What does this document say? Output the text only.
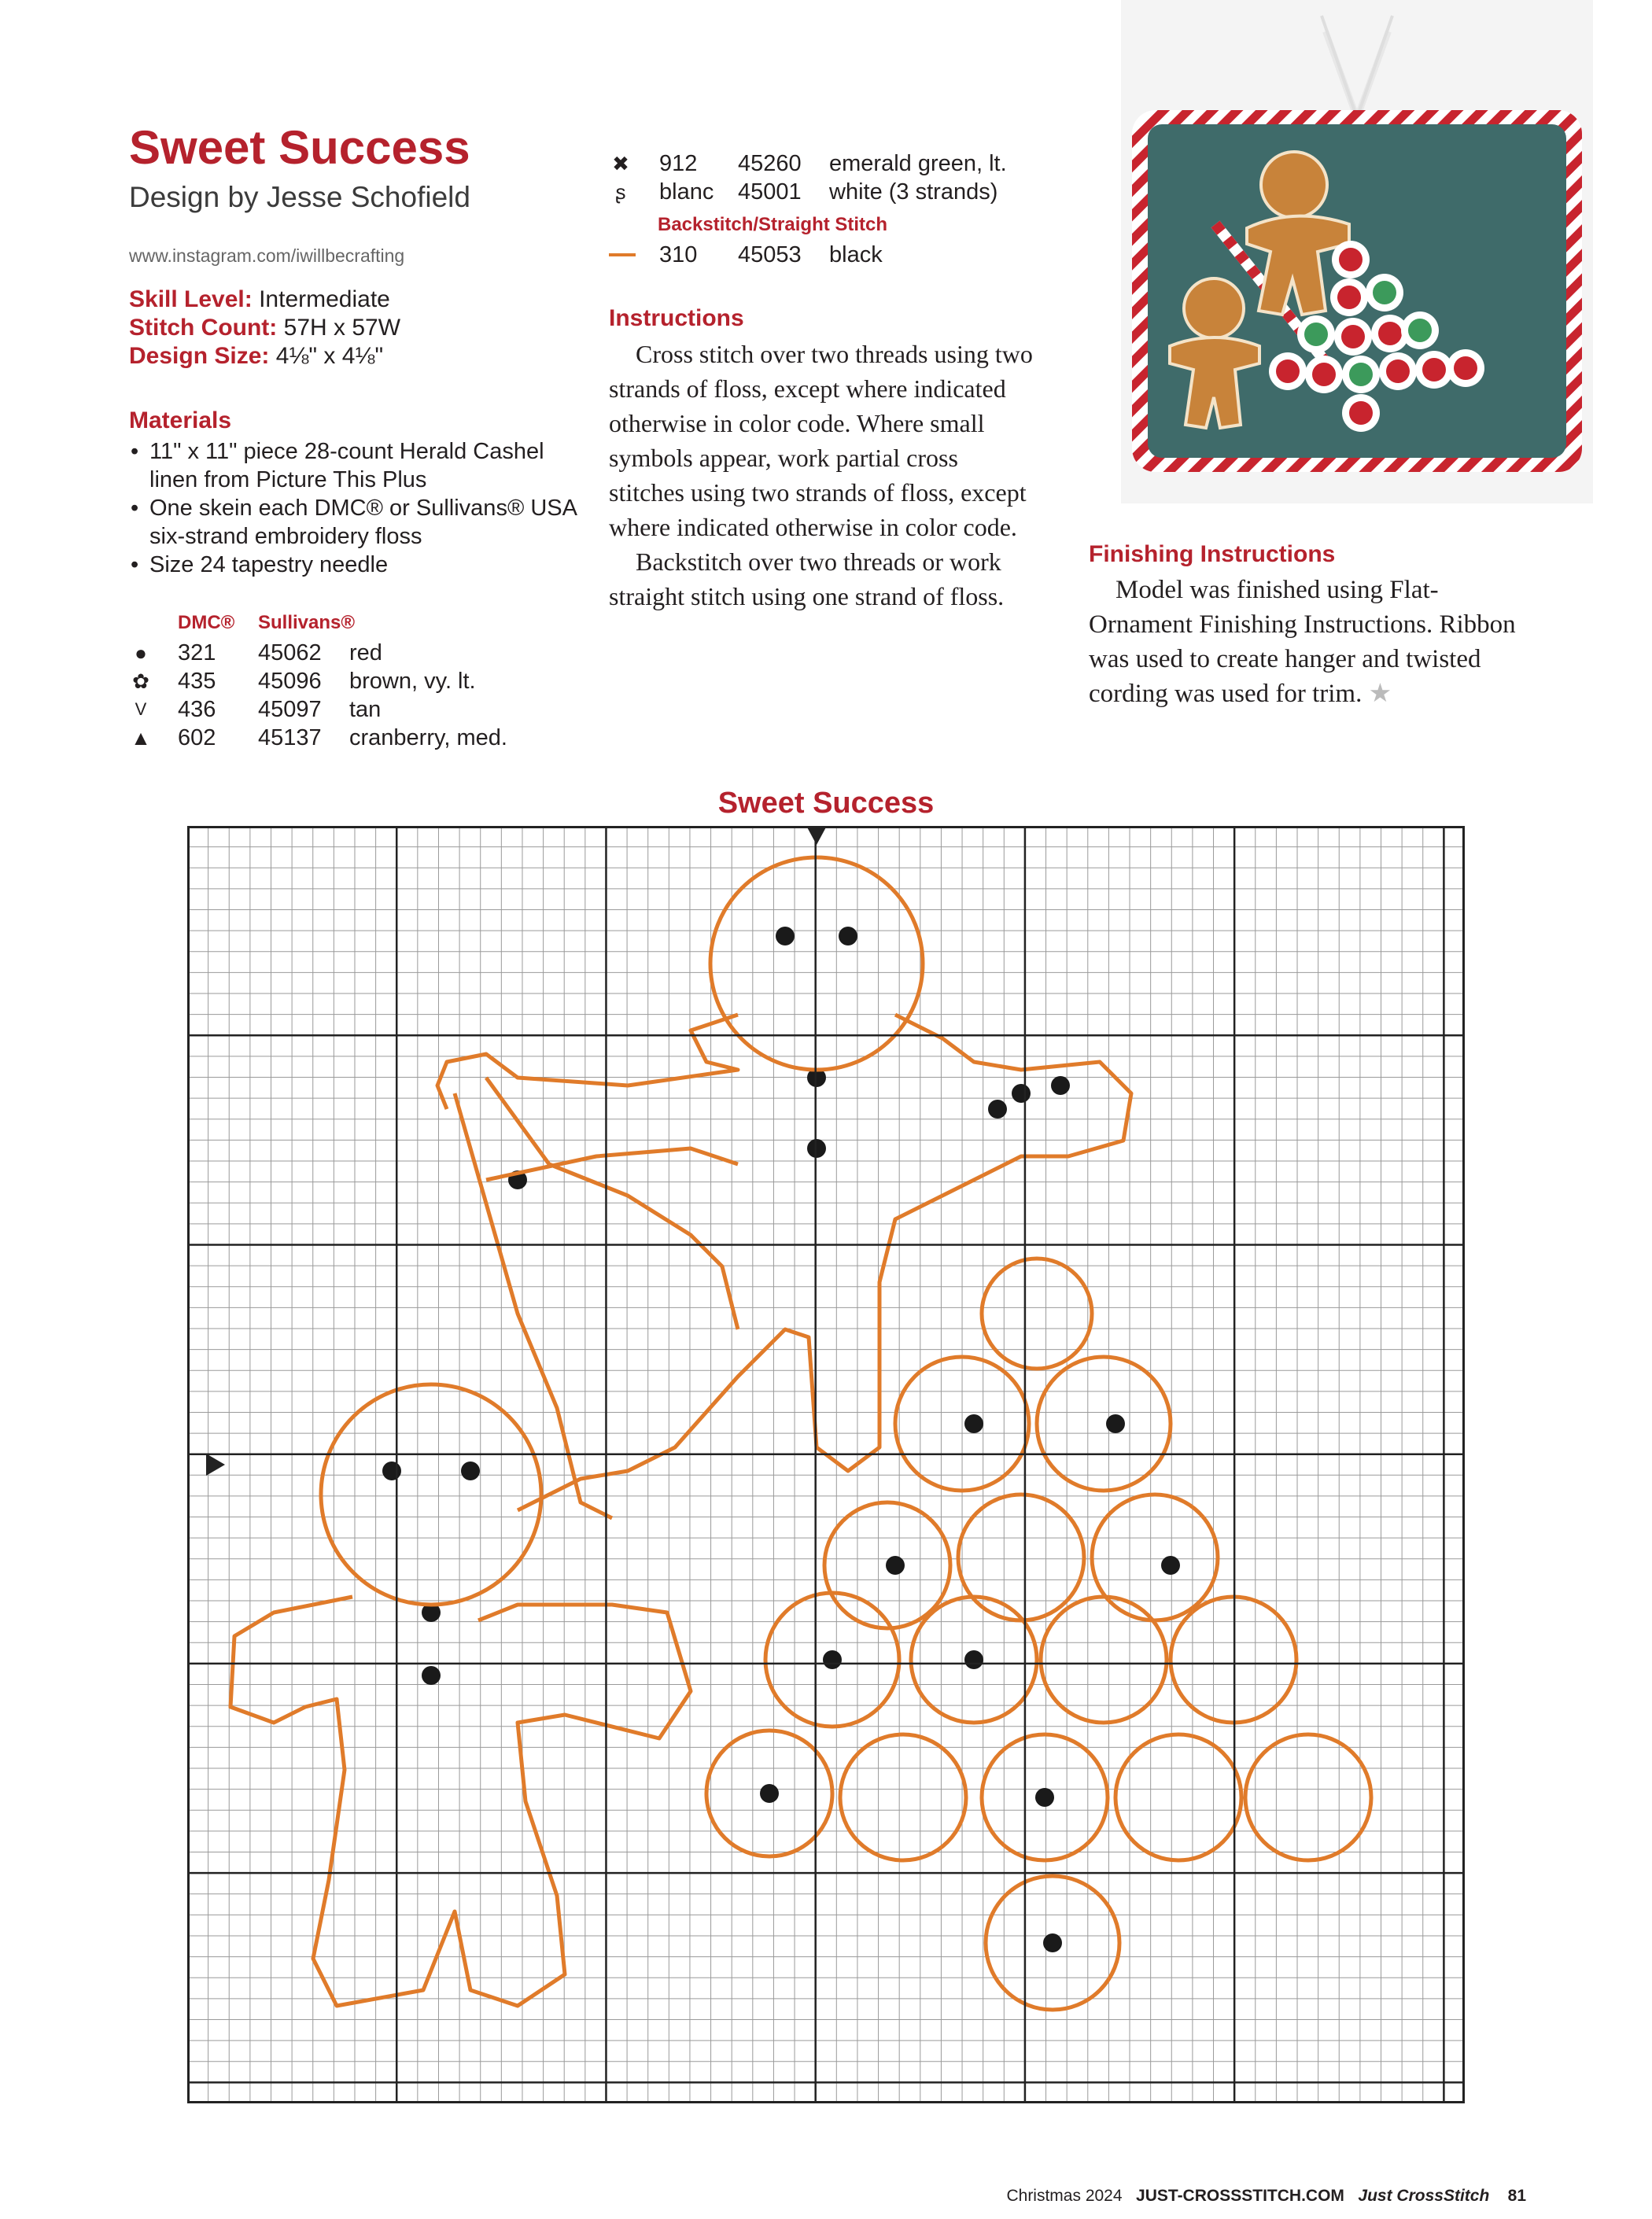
Sweet Success
Design by Jesse Schofield
www.instagram.com/iwillbecrafting
Skill Level: Intermediate
Stitch Count: 57H x 57W
Design Size: 4⅛" x 4⅛"
Materials
• 11" x 11" piece 28-count Herald Cashel linen from Picture This Plus
• One skein each DMC® or Sullivans® USA six-strand embroidery floss
• Size 24 tapestry needle
DMC® Sullivans®
● 321 45062 red
✿ 435 45096 brown, vy. lt.
V 436 45097 tan
▲ 602 45137 cranberry, med.
✖ 912 45260 emerald green, lt.
ʂ blanc 45001 white (3 strands)
Backstitch/Straight Stitch
310 45053 black
Instructions

Cross stitch over two threads using two strands of floss, except where indicated otherwise in color code. Where small symbols appear, work partial cross stitches using two strands of floss, except where indicated otherwise in color code.

Backstitch over two threads or work straight stitch using one strand of floss.

Finishing Instructions

Model was finished using Flat-Ornament Finishing Instructions. Ribbon was used to create hanger and twisted cording was used for trim. ★

Sweet Success
Christmas 2024 JUST-CROSSSTITCH.COM Just CrossStitch 81
